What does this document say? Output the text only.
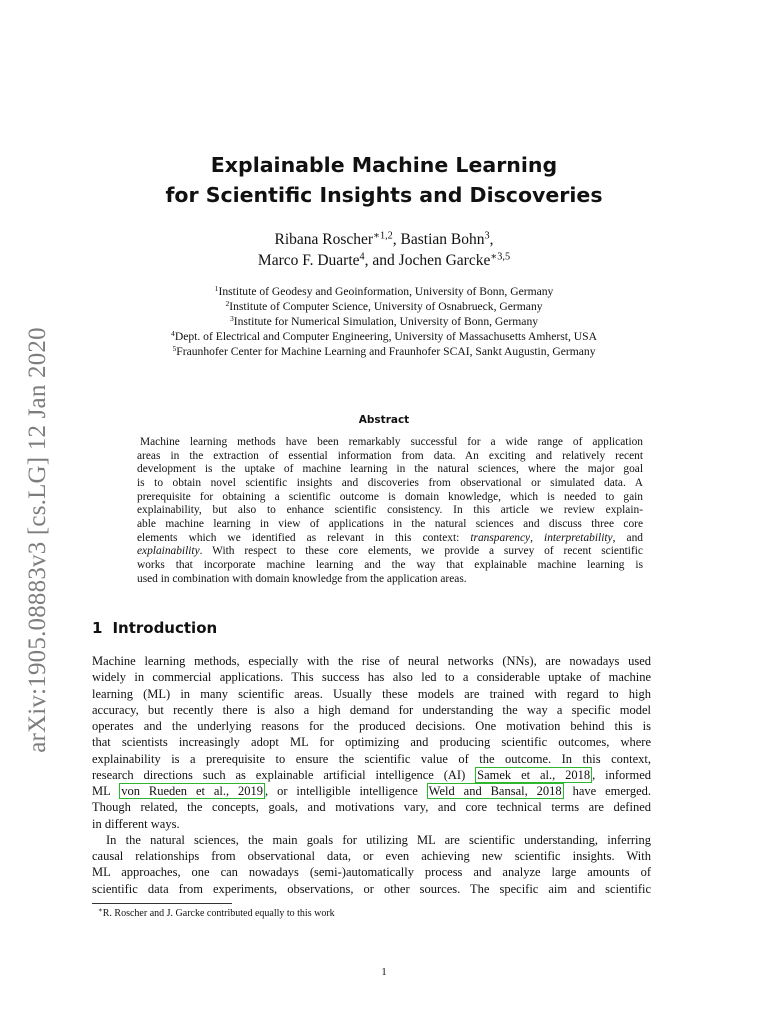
arXiv:1905.08883v3 [cs.LG] 12 Jan 2020
Explainable Machine Learning
for Scientific Insights and Discoveries
Ribana Roscher$^{∗1,2}$, Bastian Bohn$^3$,
Marco F. Duarte$^4$, and Jochen Garcke$^{∗3,5}$
$^1$Institute of Geodesy and Geoinformation, University of Bonn, Germany
$^2$Institute of Computer Science, University of Osnabrueck, Germany
$^3$Institute for Numerical Simulation, University of Bonn, Germany
$^4$Dept. of Electrical and Computer Engineering, University of Massachusetts Amherst, USA
$^5$Fraunhofer Center for Machine Learning and Fraunhofer SCAI, Sankt Augustin, Germany
Abstract
Machine learning methods have been remarkably successful for a wide range of application
areas in the extraction of essential information from data. An exciting and relatively recent
development is the uptake of machine learning in the natural sciences, where the major goal
is to obtain novel scientific insights and discoveries from observational or simulated data. A
prerequisite for obtaining a scientific outcome is domain knowledge, which is needed to gain
explainability, but also to enhance scientific consistency. In this article we review explain-
able machine learning in view of applications in the natural sciences and discuss three core
elements which we identified as relevant in this context: transparency, interpretability, and
explainability. With respect to these core elements, we provide a survey of recent scientific
works that incorporate machine learning and the way that explainable machine learning is
used in combination with domain knowledge from the application areas.
1 Introduction
Machine learning methods, especially with the rise of neural networks (NNs), are nowadays used
widely in commercial applications. This success has also led to a considerable uptake of machine
learning (ML) in many scientific areas. Usually these models are trained with regard to high
accuracy, but recently there is also a high demand for understanding the way a specific model
operates and the underlying reasons for the produced decisions. One motivation behind this is
that scientists increasingly adopt ML for optimizing and producing scientific outcomes, where
explainability is a prerequisite to ensure the scientific value of the outcome. In this context,
research directions such as explainable artificial intelligence (AI) Samek et al., 2018 , informed
ML von Rueden et al., 2019 , or intelligible intelligence Weld and Bansal, 2018 have emerged.
Though related, the concepts, goals, and motivations vary, and core technical terms are defined
in different ways.
In the natural sciences, the main goals for utilizing ML are scientific understanding, inferring
causal relationships from observational data, or even achieving new scientific insights. With
ML approaches, one can nowadays (semi-)automatically process and analyze large amounts of
scientific data from experiments, observations, or other sources. The specific aim and scientific
∗R. Roscher and J. Garcke contributed equally to this work
1
